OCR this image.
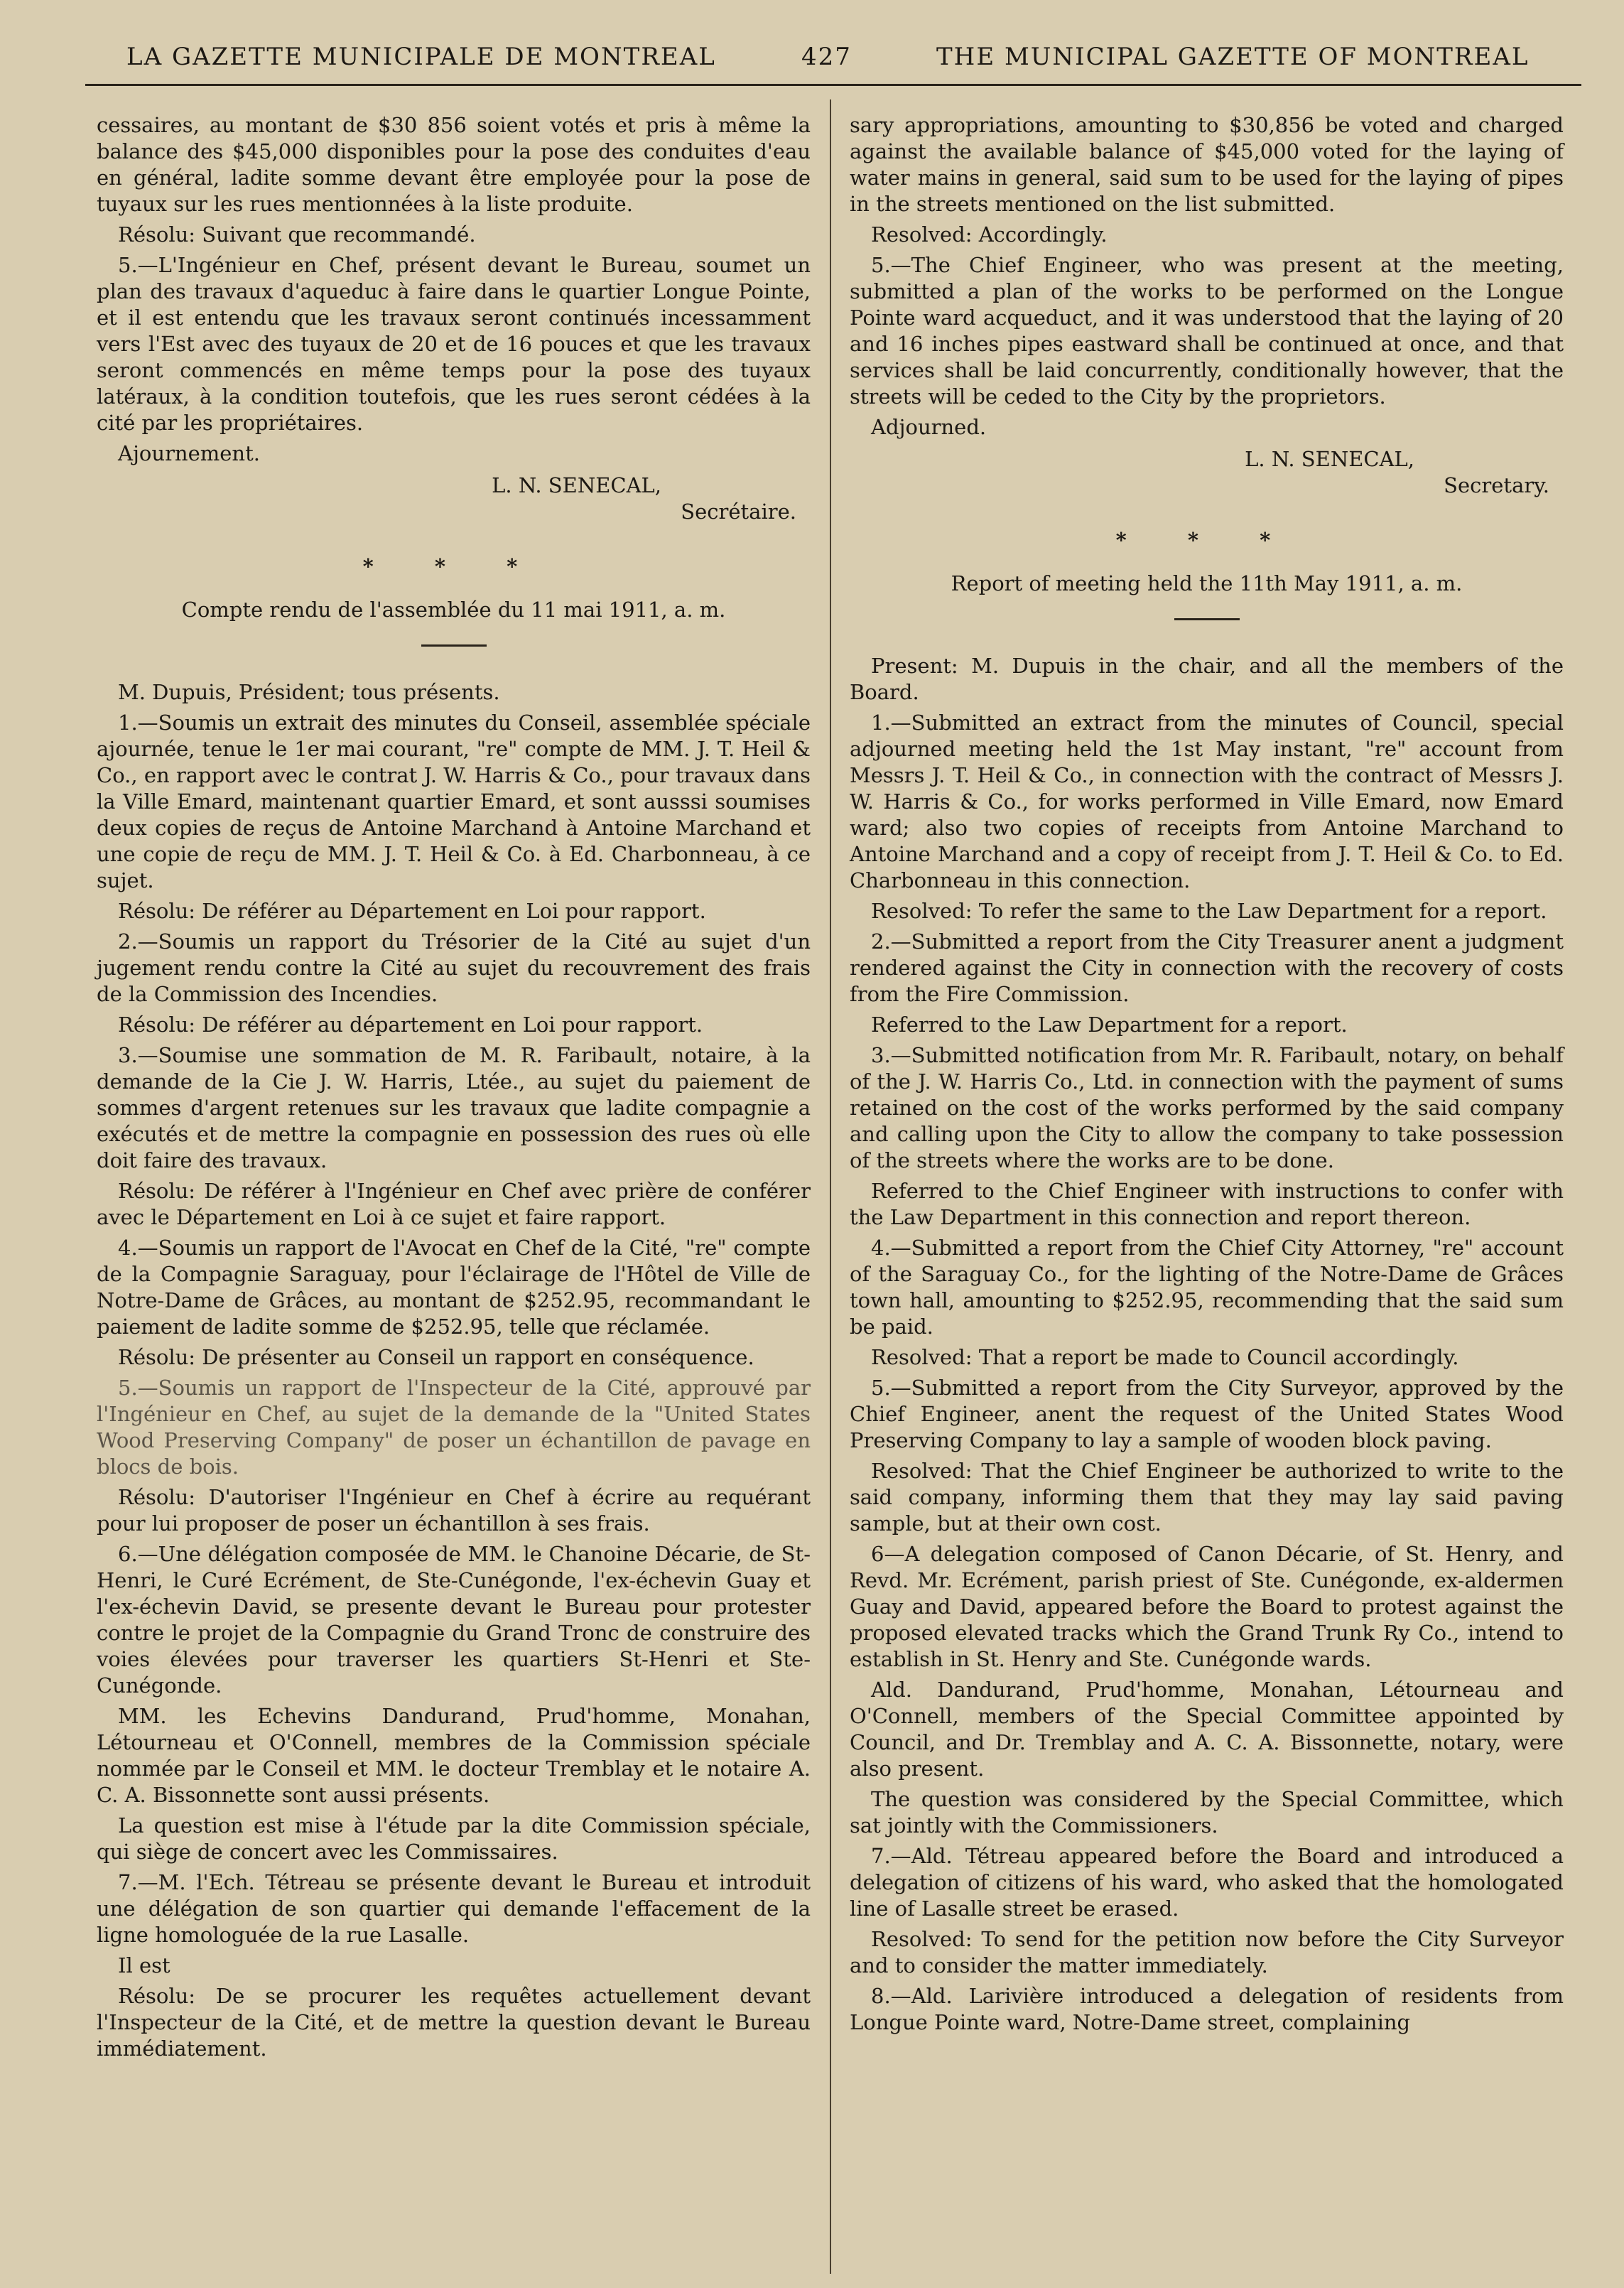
LA GAZETTE MUNICIPALE DE MONTREAL	427	THE MUNICIPAL GAZETTE OF MONTREAL

cessaires, au montant de $30 856 soient votés et pris à même la balance des $45,000 disponibles pour la pose des conduites d'eau en général, ladite somme devant être employée pour la pose de tuyaux sur les rues mentionnées à la liste produite.

Résolu: Suivant que recommandé.

5.—L'Ingénieur en Chef, présent devant le Bureau, soumet un plan des travaux d'aqueduc à faire dans le quartier Longue Pointe, et il est entendu que les travaux seront continués incessamment vers l'Est avec des tuyaux de 20 et de 16 pouces et que les travaux seront commencés en même temps pour la pose des tuyaux latéraux, à la condition toutefois, que les rues seront cédées à la cité par les propriétaires.

Ajournement.

L. N. SENECAL,

Secrétaire.

* * *

Compte rendu de l'assemblée du 11 mai 1911, a. m.

M. Dupuis, Président; tous présents.

1.—Soumis un extrait des minutes du Conseil, assemblée spéciale ajournée, tenue le 1er mai courant, "re" compte de MM. J. T. Heil & Co., en rapport avec le contrat J. W. Harris & Co., pour travaux dans la Ville Emard, maintenant quartier Emard, et sont ausssi soumises deux copies de reçus de Antoine Marchand à Antoine Marchand et une copie de reçu de MM. J. T. Heil & Co. à Ed. Charbonneau, à ce sujet.

Résolu: De référer au Département en Loi pour rapport.

2.—Soumis un rapport du Trésorier de la Cité au sujet d'un jugement rendu contre la Cité au sujet du recouvrement des frais de la Commission des Incendies.

Résolu: De référer au département en Loi pour rapport.

3.—Soumise une sommation de M. R. Faribault, notaire, à la demande de la Cie J. W. Harris, Ltée., au sujet du paiement de sommes d'argent retenues sur les travaux que ladite compagnie a exécutés et de mettre la compagnie en possession des rues où elle doit faire des travaux.

Résolu: De référer à l'Ingénieur en Chef avec prière de conférer avec le Département en Loi à ce sujet et faire rapport.

4.—Soumis un rapport de l'Avocat en Chef de la Cité, "re" compte de la Compagnie Saraguay, pour l'éclairage de l'Hôtel de Ville de Notre-Dame de Grâces, au montant de $252.95, recommandant le paiement de ladite somme de $252.95, telle que réclamée.

Résolu: De présenter au Conseil un rapport en conséquence.

5.—Soumis un rapport de l'Inspecteur de la Cité, approuvé par l'Ingénieur en Chef, au sujet de la demande de la "United States Wood Preserving Company" de poser un échantillon de pavage en blocs de bois.

Résolu: D'autoriser l'Ingénieur en Chef à écrire au requérant pour lui proposer de poser un échantillon à ses frais.

6.—Une délégation composée de MM. le Chanoine Décarie, de St-Henri, le Curé Ecrément, de Ste-Cunégonde, l'ex-échevin Guay et l'ex-échevin David, se presente devant le Bureau pour protester contre le projet de la Compagnie du Grand Tronc de construire des voies élevées pour traverser les quartiers St-Henri et Ste-Cunégonde.

MM. les Echevins Dandurand, Prud'homme, Monahan, Létourneau et O'Connell, membres de la Commission spéciale nommée par le Conseil et MM. le docteur Tremblay et le notaire A. C. A. Bissonnette sont aussi présents.

La question est mise à l'étude par la dite Commission spéciale, qui siège de concert avec les Commissaires.

7.—M. l'Ech. Tétreau se présente devant le Bureau et introduit une délégation de son quartier qui demande l'effacement de la ligne homologuée de la rue Lasalle.

Il est

Résolu: De se procurer les requêtes actuellement devant l'Inspecteur de la Cité, et de mettre la question devant le Bureau immédiatement.

sary appropriations, amounting to $30,856 be voted and charged against the available balance of $45,000 voted for the laying of water mains in general, said sum to be used for the laying of pipes in the streets mentioned on the list submitted.

Resolved: Accordingly.

5.—The Chief Engineer, who was present at the meeting, submitted a plan of the works to be performed on the Longue Pointe ward acqueduct, and it was understood that the laying of 20 and 16 inches pipes eastward shall be continued at once, and that services shall be laid concurrently, conditionally however, that the streets will be ceded to the City by the proprietors.

Adjourned.

L. N. SENECAL,

Secretary.

* * *

Report of meeting held the 11th May 1911, a. m.

Present: M. Dupuis in the chair, and all the members of the Board.

1.—Submitted an extract from the minutes of Council, special adjourned meeting held the 1st May instant, "re" account from Messrs J. T. Heil & Co., in connection with the contract of Messrs J. W. Harris & Co., for works performed in Ville Emard, now Emard ward; also two copies of receipts from Antoine Marchand to Antoine Marchand and a copy of receipt from J. T. Heil & Co. to Ed. Charbonneau in this connection.

Resolved: To refer the same to the Law Department for a report.

2.—Submitted a report from the City Treasurer anent a judgment rendered against the City in connection with the recovery of costs from the Fire Commission.

Referred to the Law Department for a report.

3.—Submitted notification from Mr. R. Faribault, notary, on behalf of the J. W. Harris Co., Ltd. in connection with the payment of sums retained on the cost of the works performed by the said company and calling upon the City to allow the company to take possession of the streets where the works are to be done.

Referred to the Chief Engineer with instructions to confer with the Law Department in this connection and report thereon.

4.—Submitted a report from the Chief City Attorney, "re" account of the Saraguay Co., for the lighting of the Notre-Dame de Grâces town hall, amounting to $252.95, recommending that the said sum be paid.

Resolved: That a report be made to Council accordingly.

5.—Submitted a report from the City Surveyor, approved by the Chief Engineer, anent the request of the United States Wood Preserving Company to lay a sample of wooden block paving.

Resolved: That the Chief Engineer be authorized to write to the said company, informing them that they may lay said paving sample, but at their own cost.

6—A delegation composed of Canon Décarie, of St. Henry, and Revd. Mr. Ecrément, parish priest of Ste. Cunégonde, ex-aldermen Guay and David, appeared before the Board to protest against the proposed elevated tracks which the Grand Trunk Ry Co., intend to establish in St. Henry and Ste. Cunégonde wards.

Ald. Dandurand, Prud'homme, Monahan, Létourneau and O'Connell, members of the Special Committee appointed by Council, and Dr. Tremblay and A. C. A. Bissonnette, notary, were also present.

The question was considered by the Special Committee, which sat jointly with the Commissioners.

7.—Ald. Tétreau appeared before the Board and introduced a delegation of citizens of his ward, who asked that the homologated line of Lasalle street be erased.

Resolved: To send for the petition now before the City Surveyor and to consider the matter immediately.

8.—Ald. Larivière introduced a delegation of residents from Longue Pointe ward, Notre-Dame street, complaining
